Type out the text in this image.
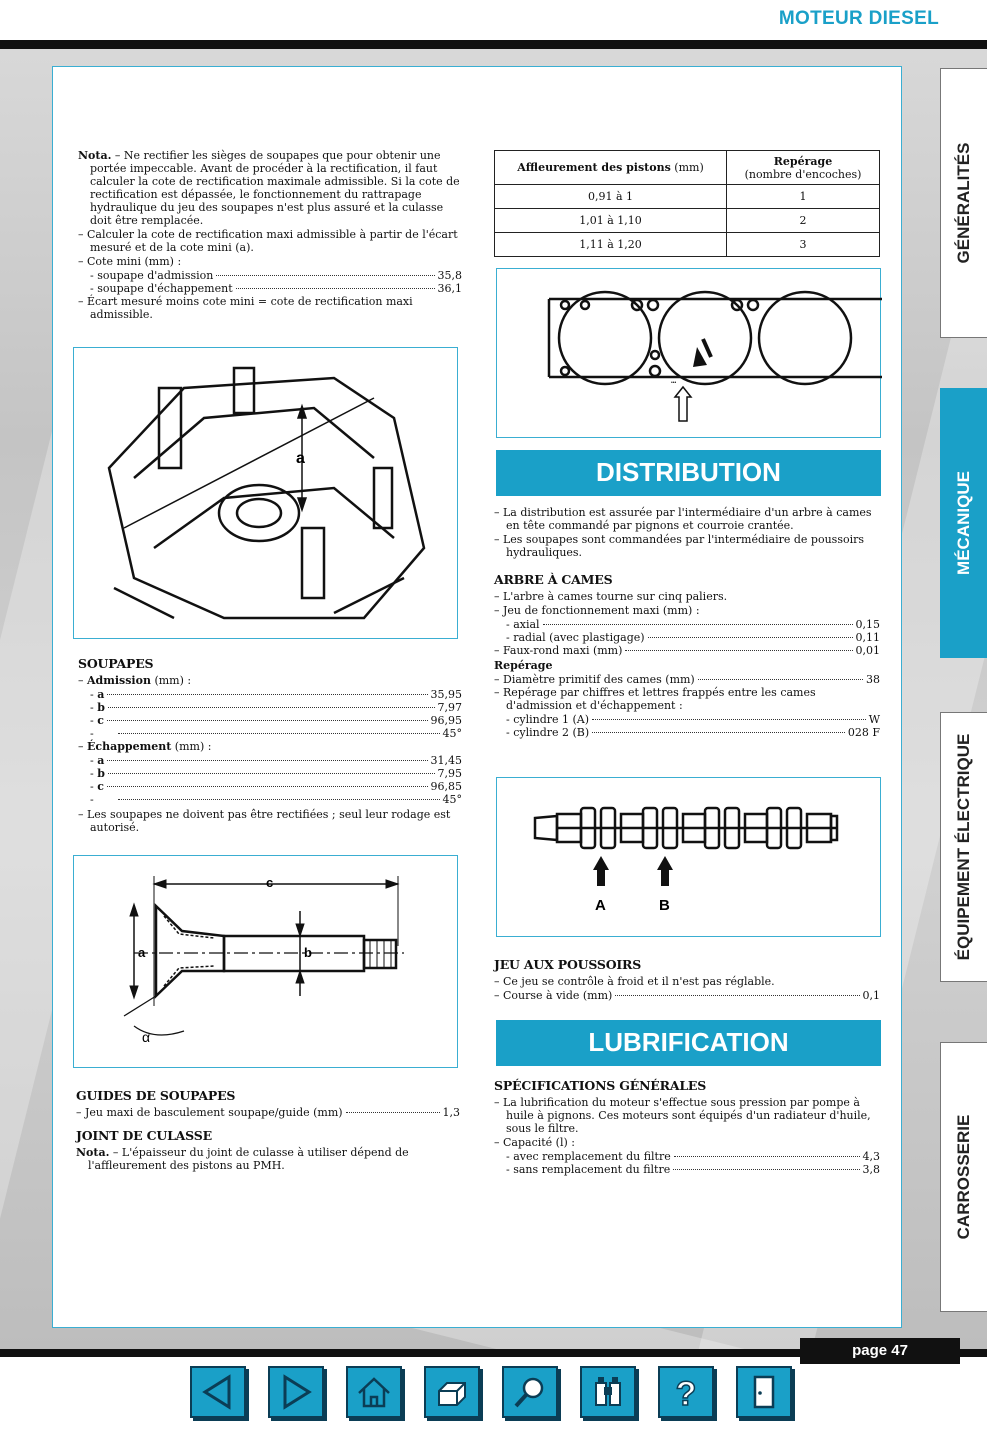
MOTEUR DIESEL
GÉNÉRALITÉS
MÉCANIQUE
ÉQUIPEMENT ÉLECTRIQUE
CARROSSERIE
Nota. – Ne rectifier les sièges de soupapes que pour obtenir une portée impeccable. Avant de procéder à la rectification, il faut calculer la cote de rectification maximale admissible. Si la cote de rectification est dépassée, le fonctionnement du rattrapage hydraulique du jeu des soupapes n'est plus assuré et la culasse doit être remplacée.
– Calculer la cote de rectification maxi admissible à partir de l'écart mesuré et de la cote mini (a).
– Cote mini (mm) :
- soupape d'admission	35,8
- soupape d'échappement	36,1
– Écart mesuré moins cote mini = cote de rectification maxi admissible.
a
SOUPAPES
– Admission (mm) :
- a	35,95
- b	7,97
- c	96,95
-	45°
– Échappement (mm) :
- a	31,45
- b	7,95
- c	96,85
-	45°
– Les soupapes ne doivent pas être rectifiées ; seul leur rodage est autorisé.
c
a	b
α
GUIDES DE SOUPAPES
– Jeu maxi de basculement soupape/guide (mm)	1,3
JOINT DE CULASSE
Nota. – L'épaisseur du joint de culasse à utiliser dépend de l'affleurement des pistons au PMH.
Affleurement des pistons (mm)	Repérage
(nombre d'encoches)
0,91 à 1	1
1,01 à 1,10	2
1,11 à 1,20	3
•••
DISTRIBUTION
– La distribution est assurée par l'intermédiaire d'un arbre à cames en tête commandé par pignons et courroie crantée.
– Les soupapes sont commandées par l'intermédiaire de poussoirs hydrauliques.
ARBRE À CAMES
– L'arbre à cames tourne sur cinq paliers.
– Jeu de fonctionnement maxi (mm) :
- axial	0,15
- radial (avec plastigage)	0,11
– Faux-rond maxi (mm)	0,01
Repérage
– Diamètre primitif des cames (mm)	38
– Repérage par chiffres et lettres frappés entre les cames d'admission et d'échappement :
- cylindre 1 (A)	W
- cylindre 2 (B)	028 F
A	B
JEU AUX POUSSOIRS
– Ce jeu se contrôle à froid et il n'est pas réglable.
– Course à vide (mm)	0,1
LUBRIFICATION
SPÉCIFICATIONS GÉNÉRALES
– La lubrification du moteur s'effectue sous pression par pompe à huile à pignons. Ces moteurs sont équipés d'un radiateur d'huile, sous le filtre.
– Capacité (l) :
- avec remplacement du filtre	4,3
- sans remplacement du filtre	3,8
page 47
?
